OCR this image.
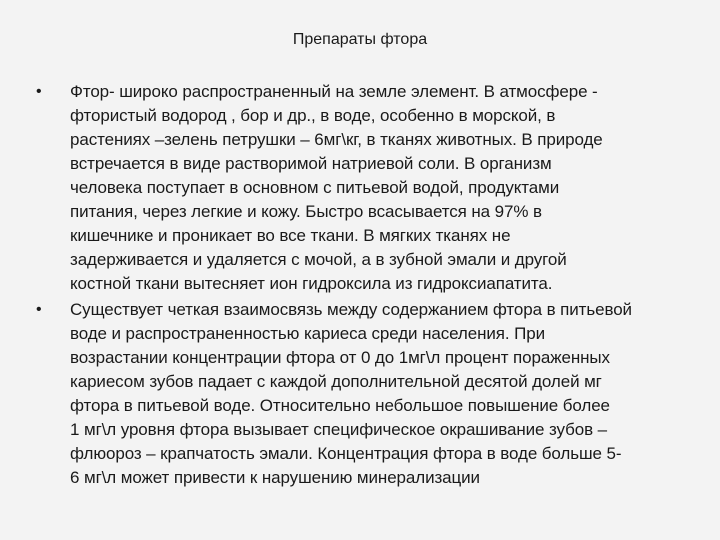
Препараты фтора
• Фтор- широко распространенный на земле элемент. В атмосфере -
фтористый водород , бор и др., в воде, особенно в морской, в
растениях –зелень петрушки – 6мг\кг, в тканях животных. В природе
встречается в виде растворимой натриевой соли. В организм
человека поступает в основном с питьевой водой, продуктами
питания, через легкие и кожу. Быстро всасывается на 97% в
кишечнике и проникает во все ткани. В мягких тканях не
задерживается и удаляется с мочой, а в зубной эмали и другой
костной ткани вытесняет ион гидроксила из гидроксиапатита.
• Существует четкая взаимосвязь между содержанием фтора в питьевой
воде и распространенностью кариеса среди населения. При
возрастании концентрации фтора от 0 до 1мг\л процент пораженных
кариесом зубов падает с каждой дополнительной десятой долей мг
фтора в питьевой воде. Относительно небольшое повышение более
1 мг\л уровня фтора вызывает специфическое окрашивание зубов –
флюороз – крапчатость эмали. Концентрация фтора в воде больше 5-
6 мг\л может привести к нарушению минерализации
